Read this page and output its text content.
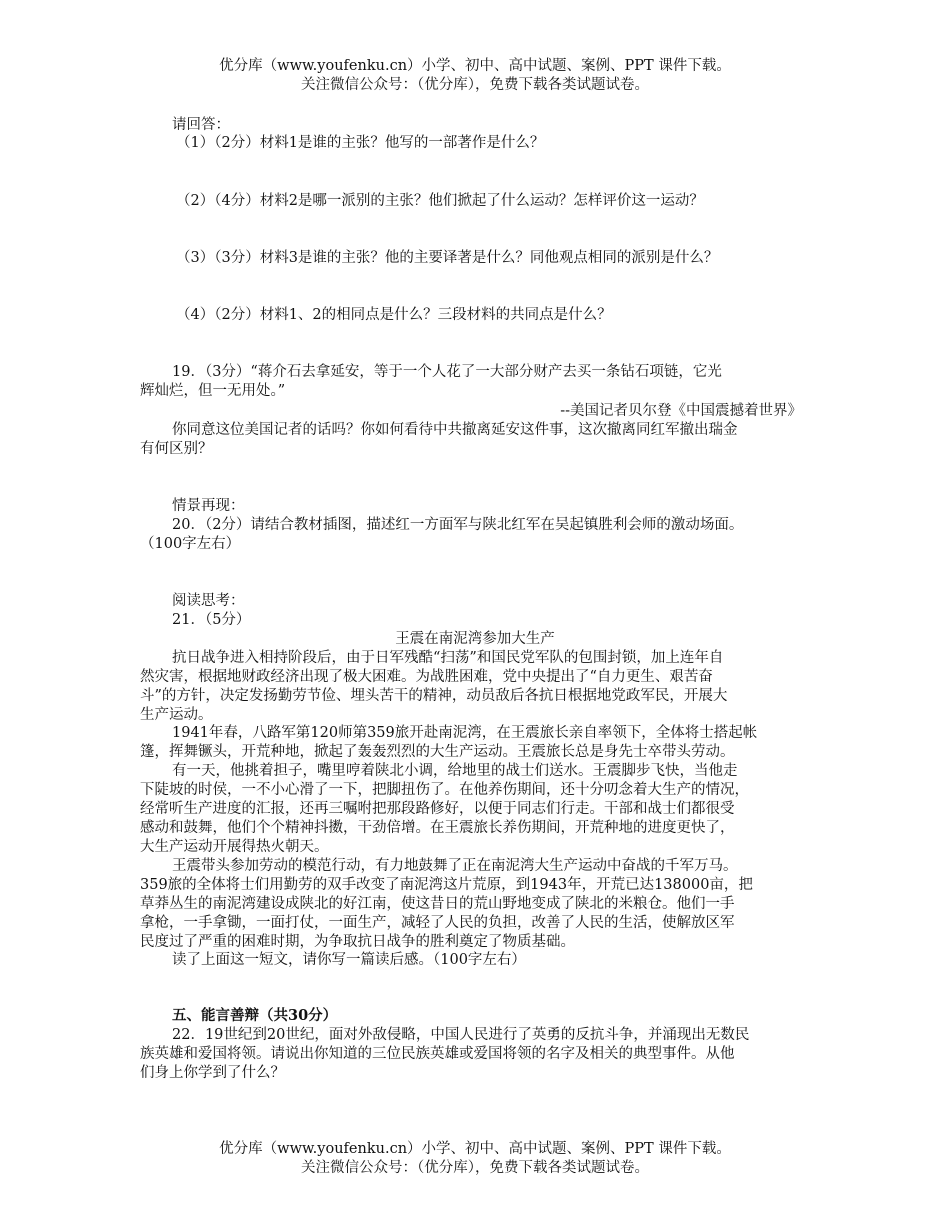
优分库（www.youfenku.cn）小学、初中、高中试题、案例、PPT 课件下载。
关注微信公众号：（优分库），免费下载各类试题试卷。
请回答：
（1）（2分）材料1是谁的主张？他写的一部著作是什么？
（2）（4分）材料2是哪一派别的主张？他们掀起了什么运动？怎样评价这一运动？
（3）（3分）材料3是谁的主张？他的主要译著是什么？同他观点相同的派别是什么？
（4）（2分）材料1、2的相同点是什么？三段材料的共同点是什么？
19．（3分）“蒋介石去拿延安，等于一个人花了一大部分财产去买一条钻石项链，它光
辉灿烂，但一无用处。”
--美国记者贝尔登《中国震撼着世界》
你同意这位美国记者的话吗？你如何看待中共撤离延安这件事，这次撤离同红军撤出瑞金
有何区别？
情景再现：
20．（2分）请结合教材插图，描述红一方面军与陕北红军在吴起镇胜利会师的激动场面。
（100字左右）
阅读思考：
21．（5分）
王震在南泥湾参加大生产
抗日战争进入相持阶段后，由于日军残酷“扫荡”和国民党军队的包围封锁，加上连年自
然灾害，根据地财政经济出现了极大困难。为战胜困难，党中央提出了“自力更生、艰苦奋
斗”的方针，决定发扬勤劳节俭、埋头苦干的精神，动员敌后各抗日根据地党政军民，开展大
生产运动。
1941年春，八路军第120师第359旅开赴南泥湾，在王震旅长亲自率领下，全体将士搭起帐
篷，挥舞镢头，开荒种地，掀起了轰轰烈烈的大生产运动。王震旅长总是身先士卒带头劳动。
有一天，他挑着担子，嘴里哼着陕北小调，给地里的战士们送水。王震脚步飞快，当他走
下陡坡的时侯，一不小心滑了一下，把脚扭伤了。在他养伤期间，还十分叨念着大生产的情况，
经常听生产进度的汇报，还再三嘱咐把那段路修好，以便于同志们行走。干部和战士们都很受
感动和鼓舞，他们个个精神抖擞，干劲倍增。在王震旅长养伤期间，开荒种地的进度更快了，
大生产运动开展得热火朝天。
王震带头参加劳动的模范行动，有力地鼓舞了正在南泥湾大生产运动中奋战的千军万马。
359旅的全体将士们用勤劳的双手改变了南泥湾这片荒原，到1943年，开荒已达138000亩，把
草莽丛生的南泥湾建设成陕北的好江南，使这昔日的荒山野地变成了陕北的米粮仓。他们一手
拿枪，一手拿锄，一面打仗，一面生产，减轻了人民的负担，改善了人民的生活，使解放区军
民度过了严重的困难时期，为争取抗日战争的胜利奠定了物质基础。
读了上面这一短文，请你写一篇读后感。（100字左右）
五、能言善辩（共30分）
22．19世纪到20世纪，面对外敌侵略，中国人民进行了英勇的反抗斗争，并涌现出无数民
族英雄和爱国将领。请说出你知道的三位民族英雄或爱国将领的名字及相关的典型事件。从他
们身上你学到了什么？
优分库（www.youfenku.cn）小学、初中、高中试题、案例、PPT 课件下载。
关注微信公众号：（优分库），免费下载各类试题试卷。
